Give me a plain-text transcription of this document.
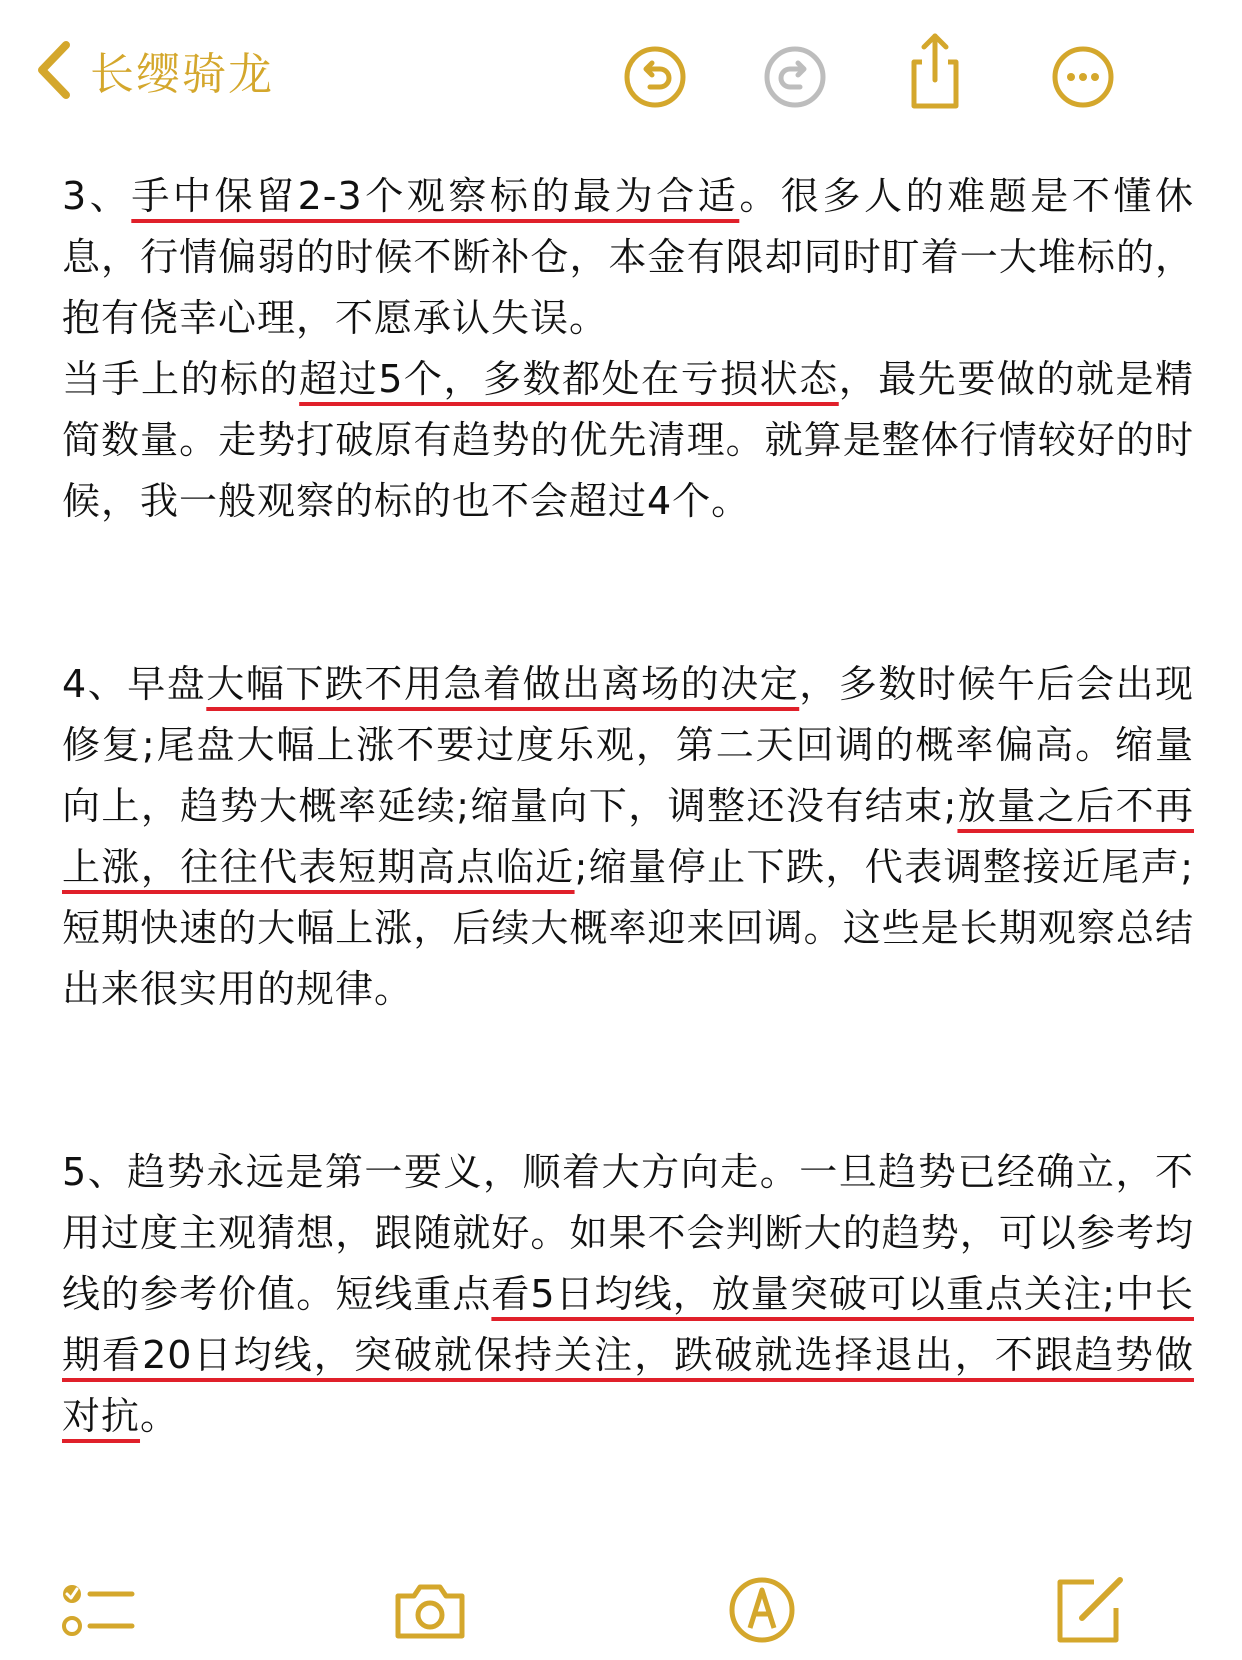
长缨骑龙

3、手中保留2-3个观察标的最为合适。很多人的难题是不懂休息，行情偏弱的时候不断补仓，本金有限却同时盯着一大堆标的，抱有侥幸心理，不愿承认失误。
当手上的标的超过5个，多数都处在亏损状态，最先要做的就是精简数量。走势打破原有趋势的优先清理。就算是整体行情较好的时候，我一般观察的标的也不会超过4个。

4、早盘大幅下跌不用急着做出离场的决定，多数时候午后会出现修复;尾盘大幅上涨不要过度乐观，第二天回调的概率偏高。缩量向上，趋势大概率延续;缩量向下，调整还没有结束;放量之后不再上涨，往往代表短期高点临近;缩量停止下跌，代表调整接近尾声;短期快速的大幅上涨，后续大概率迎来回调。这些是长期观察总结出来很实用的规律。

5、趋势永远是第一要义，顺着大方向走。一旦趋势已经确立，不用过度主观猜想，跟随就好。如果不会判断大的趋势，可以参考均线的参考价值。短线重点看5日均线，放量突破可以重点关注;中长期看20日均线，突破就保持关注，跌破就选择退出，不跟趋势做对抗。
